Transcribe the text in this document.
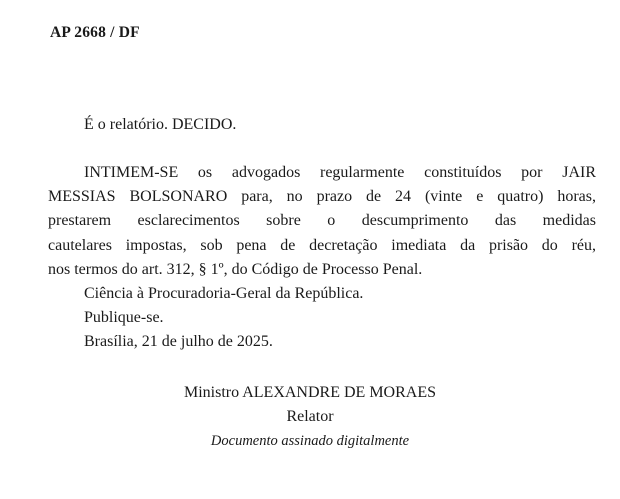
AP 2668 / DF
É o relatório. DECIDO.
INTIMEM-SE os advogados regularmente constituídos por JAIR
MESSIAS BOLSONARO para, no prazo de 24 (vinte e quatro) horas,
prestarem esclarecimentos sobre o descumprimento das medidas
cautelares impostas, sob pena de decretação imediata da prisão do réu,
nos termos do art. 312, § 1º, do Código de Processo Penal.
Ciência à Procuradoria-Geral da República.
Publique-se.
Brasília, 21 de julho de 2025.
Ministro ALEXANDRE DE MORAES
Relator
Documento assinado digitalmente
